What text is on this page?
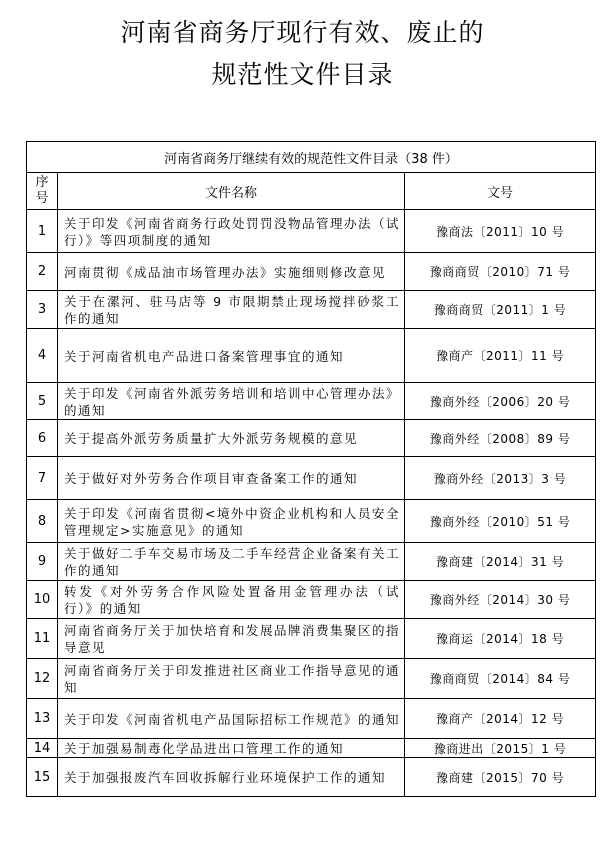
河南省商务厅现行有效、废止的
规范性文件目录
河南省商务厅继续有效的规范性文件目录（38 件）		

序
号	文件名称	文号
1	关于印发《河南省商务行政处罚罚没物品管理办法（试行）》等四项制度的通知	豫商法〔2011〕10 号
2	河南贯彻《成品油市场管理办法》实施细则修改意见	豫商商贸〔2010〕71 号
3	关于在漯河、驻马店等 9 市限期禁止现场搅拌砂浆工作的通知	豫商商贸〔2011〕1 号
4	关于河南省机电产品进口备案管理事宜的通知	豫商产〔2011〕11 号
5	关于印发《河南省外派劳务培训和培训中心管理办法》的通知	豫商外经〔2006〕20 号
6	关于提高外派劳务质量扩大外派劳务规模的意见	豫商外经〔2008〕89 号
7	关于做好对外劳务合作项目审查备案工作的通知	豫商外经〔2013〕3 号
8	关于印发《河南省贯彻<境外中资企业机构和人员安全管理规定>实施意见》的通知	豫商外经〔2010〕51 号
9	关于做好二手车交易市场及二手车经营企业备案有关工作的通知	豫商建〔2014〕31 号
10	转发《对外劳务合作风险处置备用金管理办法（试行）》的通知	豫商外经〔2014〕30 号
11	河南省商务厅关于加快培育和发展品牌消费集聚区的指导意见	豫商运〔2014〕18 号
12	河南省商务厅关于印发推进社区商业工作指导意见的通知	豫商商贸〔2014〕84 号
13	关于印发《河南省机电产品国际招标工作规范》的通知	豫商产〔2014〕12 号
14	关于加强易制毒化学品进出口管理工作的通知	豫商进出〔2015〕1 号
15	关于加强报废汽车回收拆解行业环境保护工作的通知	豫商建〔2015〕70 号
